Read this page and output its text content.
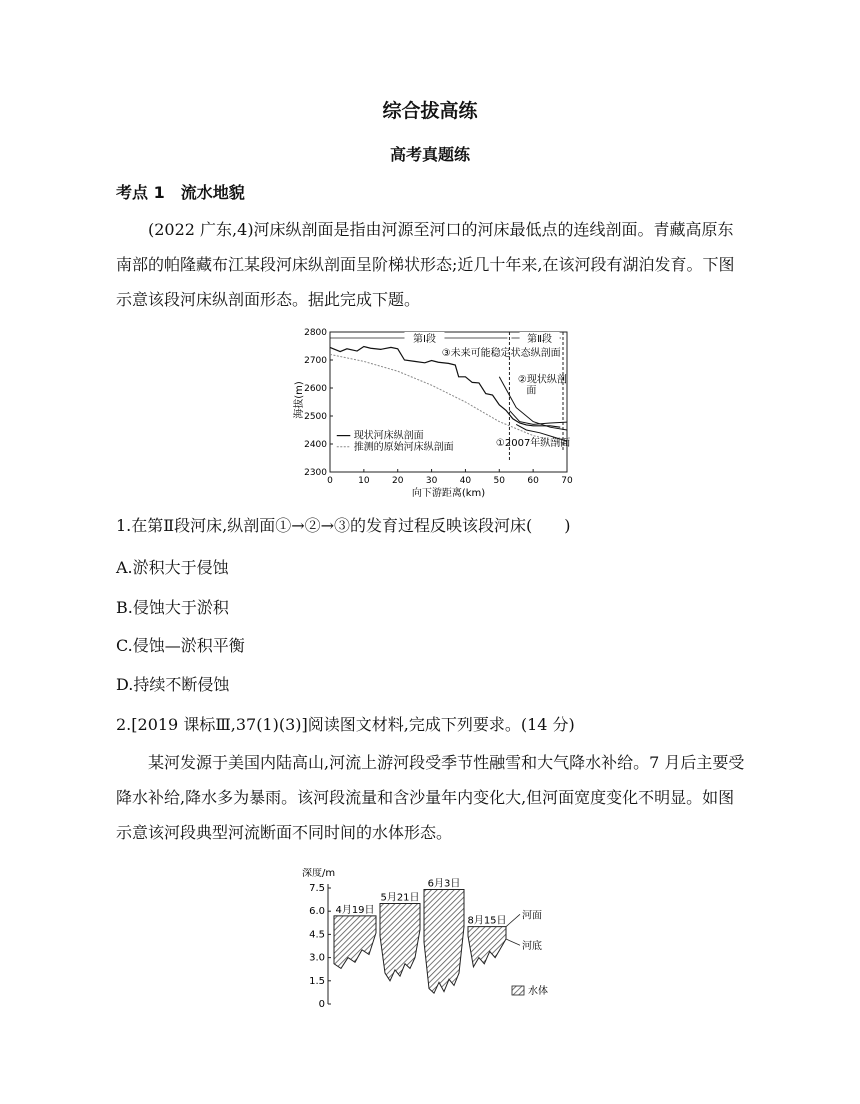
综合拔高练
高考真题练
考点 1　流水地貌
(2022 广东,4)河床纵剖面是指由河源至河口的河床最低点的连线剖面。青藏高原东南部的帕隆藏布江某段河床纵剖面呈阶梯状形态;近几十年来,在该河段有湖泊发育。下图示意该段河床纵剖面形态。据此完成下题。
0	10 20 30 40 50 60 70
2300
2400
2500
2600
2700
2800
向下游距离(km)
海拔(m)
第Ⅰ段	第Ⅱ段
③未来可能稳定状态纵剖面
②现状纵剖
面
①2007年纵剖面
现状河床纵剖面
推测的原始河床纵剖面
1.在第Ⅱ段河床,纵剖面①→②→③的发育过程反映该段河床(　　)
A.淤积大于侵蚀
B.侵蚀大于淤积
C.侵蚀—淤积平衡
D.持续不断侵蚀
2.[2019 课标Ⅲ,37(1)(3)]阅读图文材料,完成下列要求。(14 分)
某河发源于美国内陆高山,河流上游河段受季节性融雪和大气降水补给。7 月后主要受降水补给,降水多为暴雨。该河段流量和含沙量年内变化大,但河面宽度变化不明显。如图示意该河段典型河流断面不同时间的水体形态。
深度/m
0
1.5
3.0
4.5
6.0
7.5
4月19日
5月21日
6月3日
8月15日 河面
河底
水体
